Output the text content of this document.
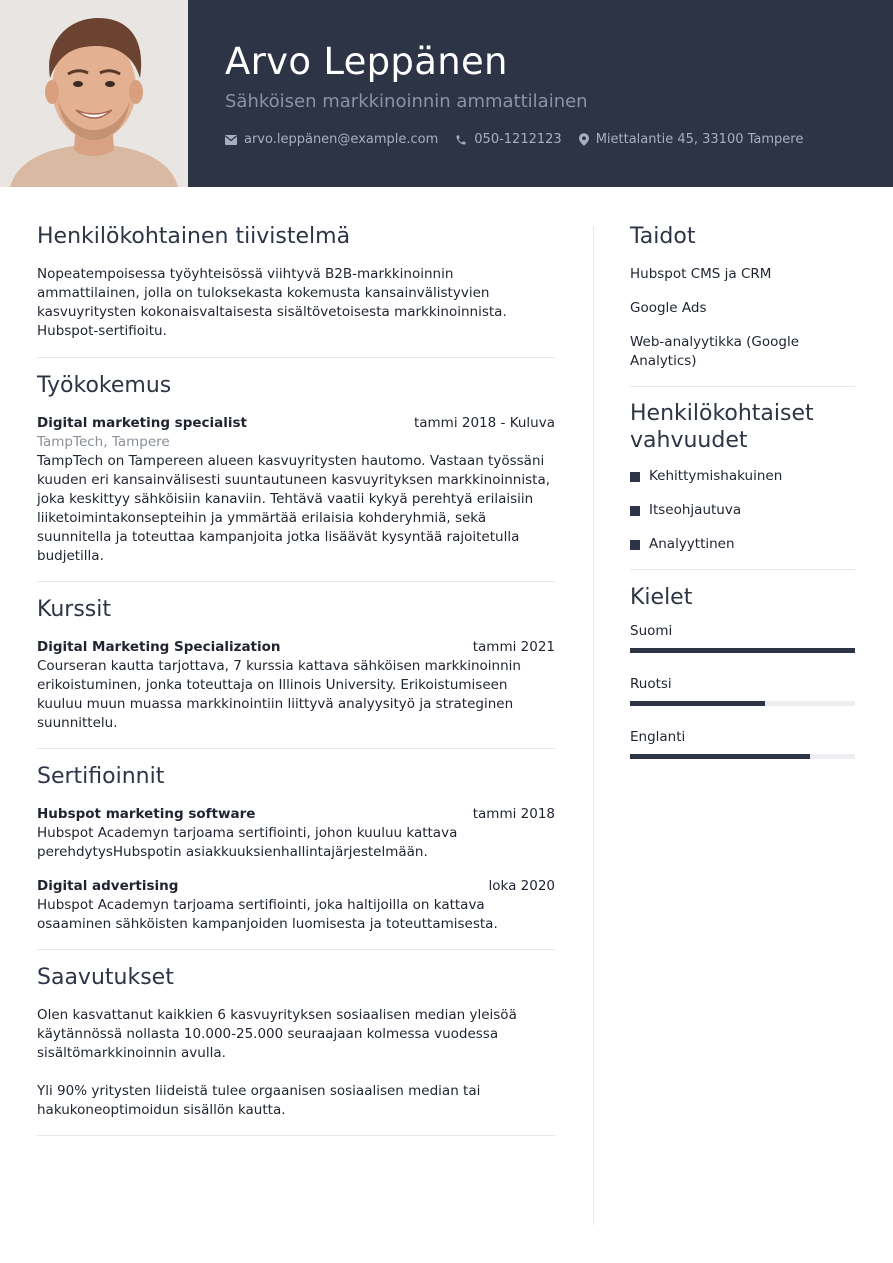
Arvo Leppänen
Sähköisen markkinoinnin ammattilainen
arvo.leppänen@example.com	050-1212123	Miettalantie 45, 33100 Tampere
Henkilökohtainen tiivistelmä

Nopeatempoisessa työyhteisössä viihtyvä B2B-markkinoinnin ammattilainen, jolla on tuloksekasta kokemusta kansainvälistyvien kasvuyritysten kokonaisvaltaisesta sisältövetoisesta markkinoinnista. Hubspot-sertifioitu.

Työkokemus
Digital marketing specialist	tammi 2018 - Kuluva
TampTech, Tampere

TampTech on Tampereen alueen kasvuyritysten hautomo. Vastaan työssäni kuuden eri kansainvälisesti suuntautuneen kasvuyrityksen markkinoinnista, joka keskittyy sähköisiin kanaviin. Tehtävä vaatii kykyä perehtyä erilaisiin liiketoimintakonsepteihin ja ymmärtää erilaisia kohderyhmiä, sekä suunnitella ja toteuttaa kampanjoita jotka lisäävät kysyntää rajoitetulla budjetilla.

Kurssit
Digital Marketing Specialization	tammi 2021

Courseran kautta tarjottava, 7 kurssia kattava sähköisen markkinoinnin erikoistuminen, jonka toteuttaja on Illinois University. Erikoistumiseen kuuluu muun muassa markkinointiin liittyvä analyysityö ja strateginen suunnittelu.

Sertifioinnit
Hubspot marketing software	tammi 2018

Hubspot Academyn tarjoama sertifiointi, johon kuuluu kattava perehdytysHubspotin asiakkuuksienhallintajärjestelmään.

Digital advertising	loka 2020

Hubspot Academyn tarjoama sertifiointi, joka haltijoilla on kattava osaaminen sähköisten kampanjoiden luomisesta ja toteuttamisesta.

Saavutukset

Olen kasvattanut kaikkien 6 kasvuyrityksen sosiaalisen median yleisöä käytännössä nollasta 10.000-25.000 seuraajaan kolmessa vuodessa sisältömarkkinoinnin avulla.

Yli 90% yritysten liideistä tulee orgaanisen sosiaalisen median tai hakukoneoptimoidun sisällön kautta.

Taidot
Hubspot CMS ja CRM
Google Ads
Web-analyytikka (Google Analytics)
Henkilökohtaiset vahvuudet
Kehittymishakuinen
Itseohjautuva
Analyyttinen
Kielet
Suomi
Ruotsi
Englanti
